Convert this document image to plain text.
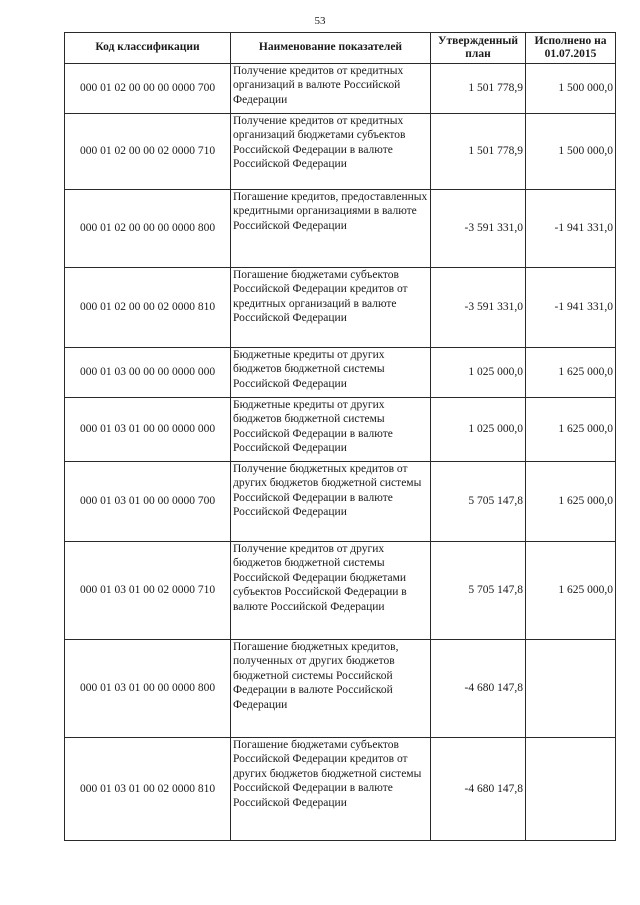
53
Код классификации	Наименование показателей	Утвержденный план	Исполнено на 01.07.2015
000 01 02 00 00 00 0000 700	Получение кредитов от кредитных организаций в валюте Российской Федерации	1 501 778,9	1 500 000,0
000 01 02 00 00 02 0000 710	Получение кредитов от кредитных организаций бюджетами субъектов Российской Федерации в валюте Российской Федерации	1 501 778,9	1 500 000,0
000 01 02 00 00 00 0000 800	Погашение кредитов, предоставленных кредитными организациями в валюте Российской Федерации	-3 591 331,0	-1 941 331,0
000 01 02 00 00 02 0000 810	Погашение бюджетами субъектов Российской Федерации кредитов от кредитных организаций в валюте Российской Федерации	-3 591 331,0	-1 941 331,0
000 01 03 00 00 00 0000 000	Бюджетные кредиты от других бюджетов бюджетной системы Российской Федерации	1 025 000,0	1 625 000,0
000 01 03 01 00 00 0000 000	Бюджетные кредиты от других бюджетов бюджетной системы Российской Федерации в валюте Российской Федерации	1 025 000,0	1 625 000,0
000 01 03 01 00 00 0000 700	Получение бюджетных кредитов от других бюджетов бюджетной системы Российской Федерации в валюте Российской Федерации	5 705 147,8	1 625 000,0
000 01 03 01 00 02 0000 710	Получение кредитов от других бюджетов бюджетной системы Российской Федерации бюджетами субъектов Российской Федерации в валюте Российской Федерации	5 705 147,8	1 625 000,0
000 01 03 01 00 00 0000 800	Погашение бюджетных кредитов, полученных от других бюджетов бюджетной системы Российской Федерации в валюте Российской Федерации	-4 680 147,8	
000 01 03 01 00 02 0000 810	Погашение бюджетами субъектов Российской Федерации кредитов от других бюджетов бюджетной системы Российской Федерации в валюте Российской Федерации	-4 680 147,8	
